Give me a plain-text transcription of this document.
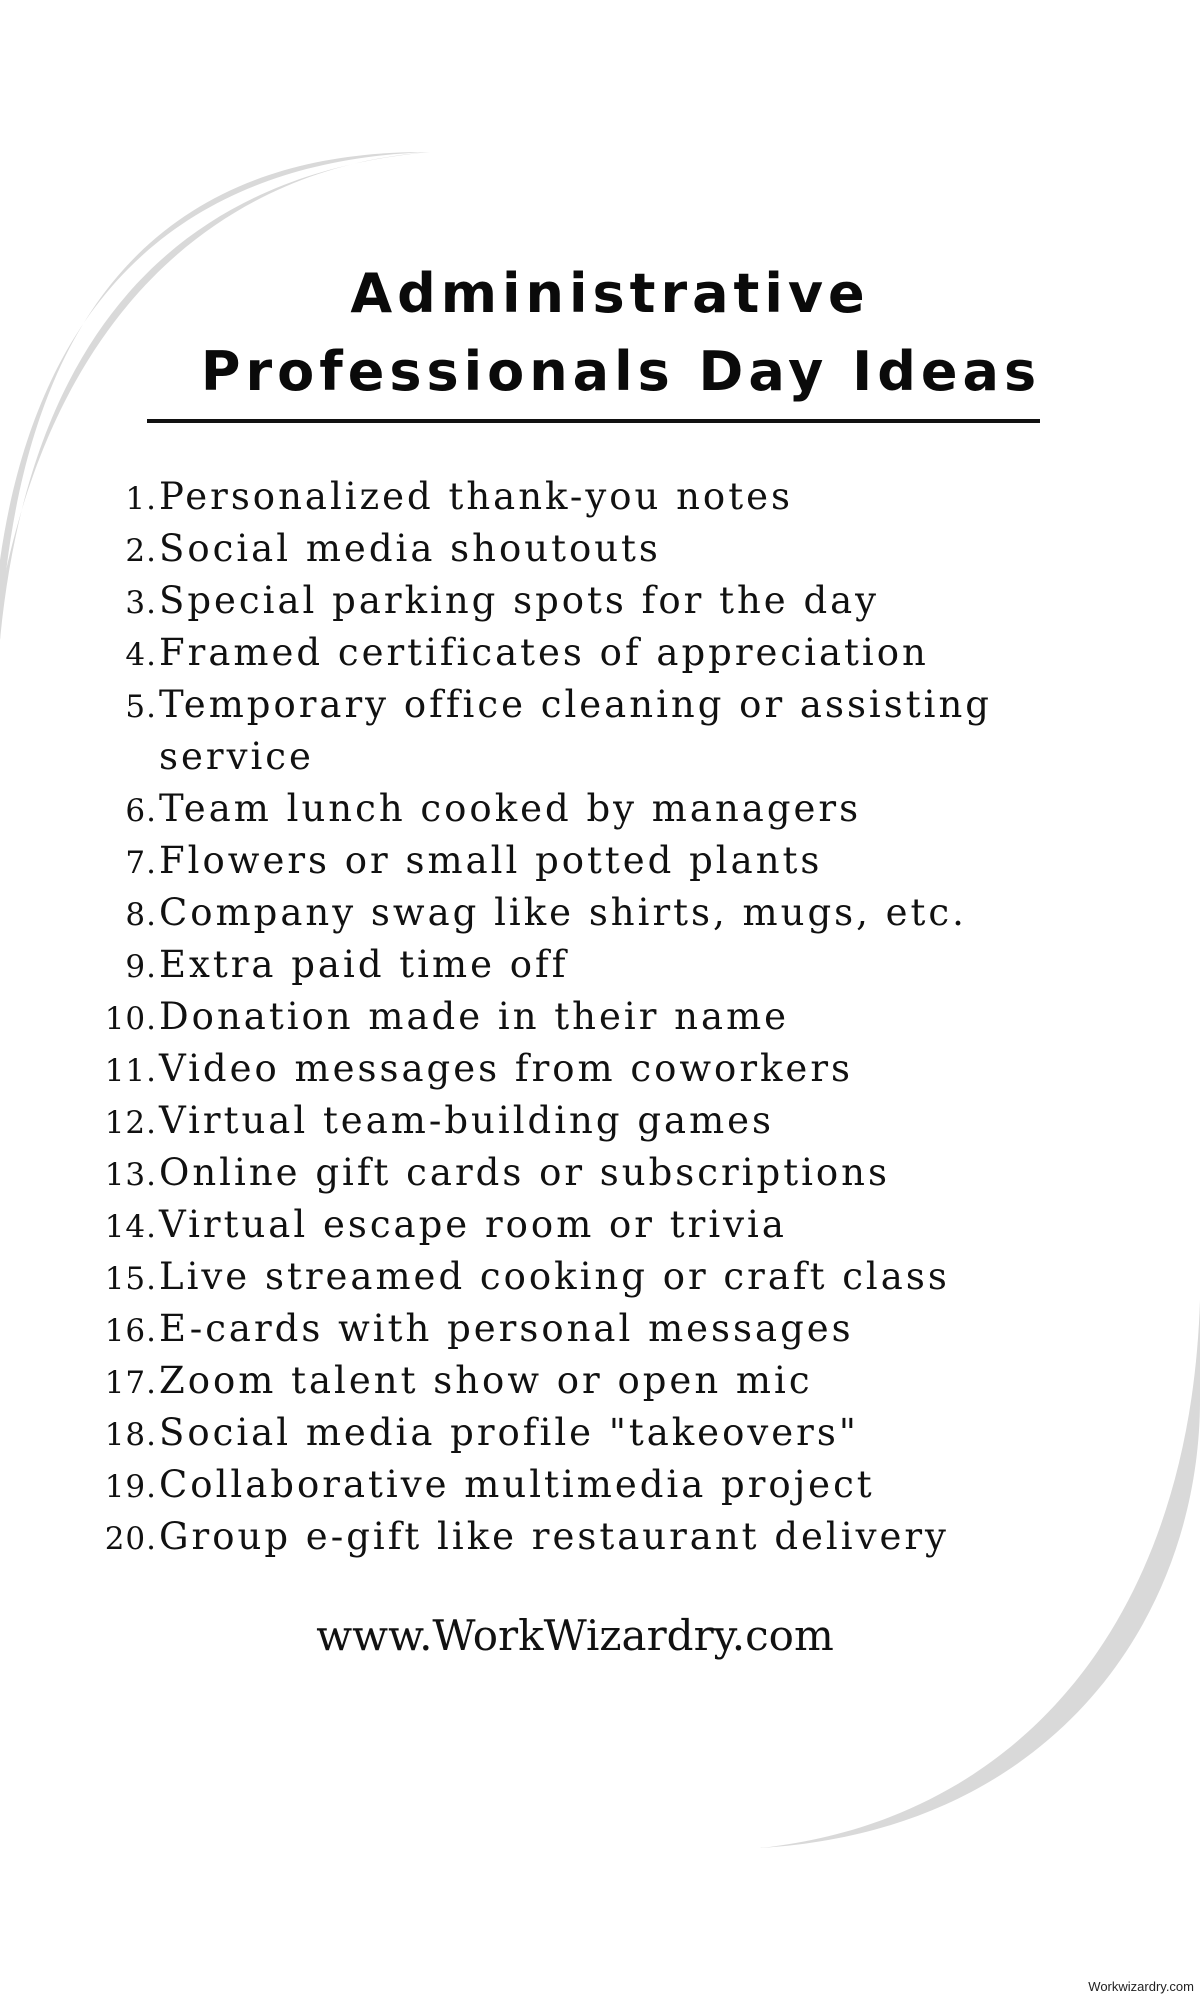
Administrative
Professionals Day Ideas
1. Personalized thank-you notes
2. Social media shoutouts
3. Special parking spots for the day
4. Framed certificates of appreciation
5. Temporary office cleaning or assisting
service
6. Team lunch cooked by managers
7. Flowers or small potted plants
8. Company swag like shirts, mugs, etc.
9. Extra paid time off
10. Donation made in their name
11. Video messages from coworkers
12. Virtual team-building games
13. Online gift cards or subscriptions
14. Virtual escape room or trivia
15. Live streamed cooking or craft class
16. E-cards with personal messages
17. Zoom talent show or open mic
18. Social media profile "takeovers"
19. Collaborative multimedia project
20. Group e-gift like restaurant delivery
www.WorkWizardry.com
Workwizardry.com
